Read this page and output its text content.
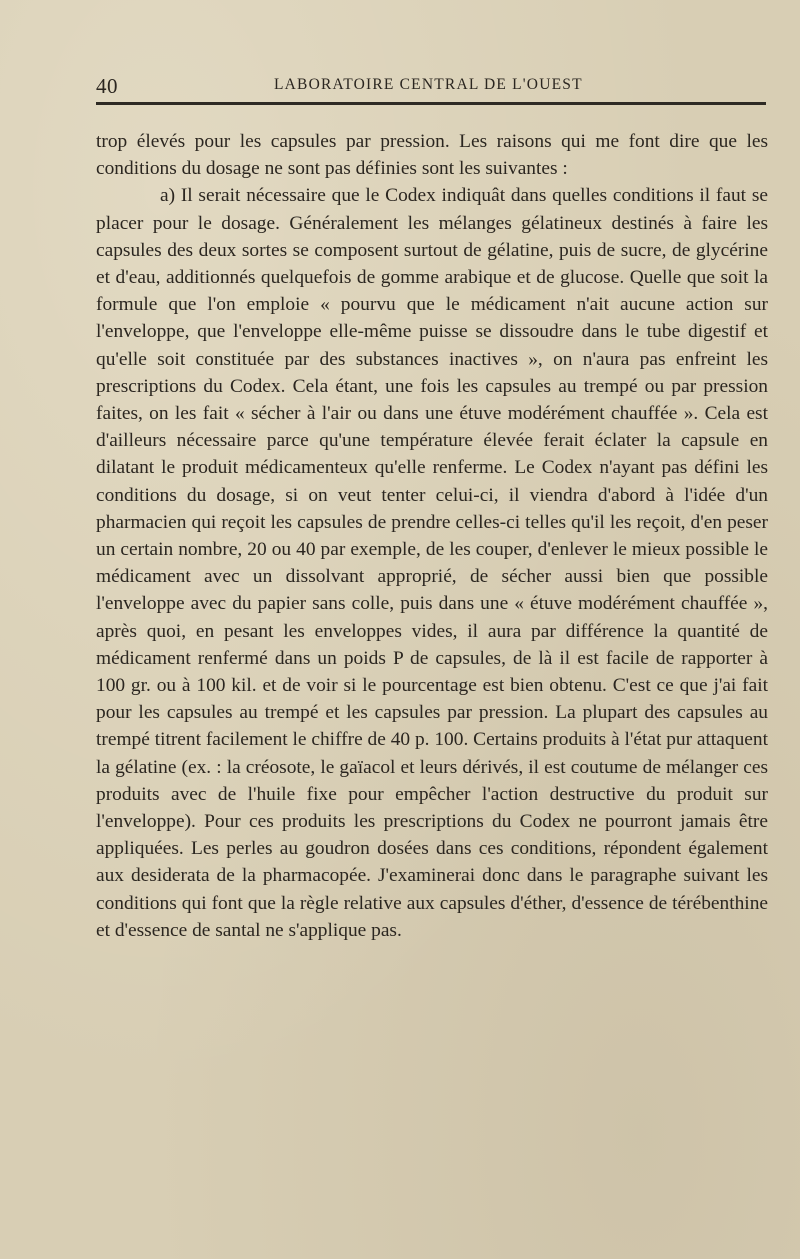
40	LABORATOIRE CENTRAL DE L'OUEST

trop élevés pour les capsules par pression. Les raisons qui me font dire que les conditions du dosage ne sont pas définies sont les suivantes :

a) Il serait nécessaire que le Codex indiquât dans quelles conditions il faut se placer pour le dosage. Généralement les mélanges gélatineux destinés à faire les capsules des deux sortes se composent surtout de gélatine, puis de sucre, de glycérine et d'eau, additionnés quelquefois de gomme arabique et de glucose. Quelle que soit la formule que l'on emploie « pourvu que le médicament n'ait aucune action sur l'enveloppe, que l'enveloppe elle-même puisse se dissoudre dans le tube digestif et qu'elle soit constituée par des substances inactives », on n'aura pas enfreint les prescriptions du Codex. Cela étant, une fois les capsules au trempé ou par pression faites, on les fait « sécher à l'air ou dans une étuve modérément chauffée ». Cela est d'ailleurs nécessaire parce qu'une température élevée ferait éclater la capsule en dilatant le produit médicamenteux qu'elle renferme. Le Codex n'ayant pas défini les conditions du dosage, si on veut tenter celui-ci, il viendra d'abord à l'idée d'un pharmacien qui reçoit les capsules de prendre celles-ci telles qu'il les reçoit, d'en peser un certain nombre, 20 ou 40 par exemple, de les couper, d'enlever le mieux possible le médicament avec un dissolvant approprié, de sécher aussi bien que possible l'enveloppe avec du papier sans colle, puis dans une « étuve modérément chauffée », après quoi, en pesant les enveloppes vides, il aura par différence la quantité de médicament renfermé dans un poids P de capsules, de là il est facile de rapporter à 100 gr. ou à 100 kil. et de voir si le pourcentage est bien obtenu. C'est ce que j'ai fait pour les capsules au trempé et les capsules par pression. La plupart des capsules au trempé titrent facilement le chiffre de 40 p. 100. Certains produits à l'état pur attaquent la gélatine (ex. : la créosote, le gaïacol et leurs dérivés, il est coutume de mélanger ces produits avec de l'huile fixe pour empêcher l'action destructive du produit sur l'enveloppe). Pour ces produits les prescriptions du Codex ne pourront jamais être appliquées. Les perles au goudron dosées dans ces conditions, répondent également aux desiderata de la pharmacopée. J'examinerai donc dans le paragraphe suivant les conditions qui font que la règle relative aux capsules d'éther, d'essence de térébenthine et d'essence de santal ne s'applique pas.
